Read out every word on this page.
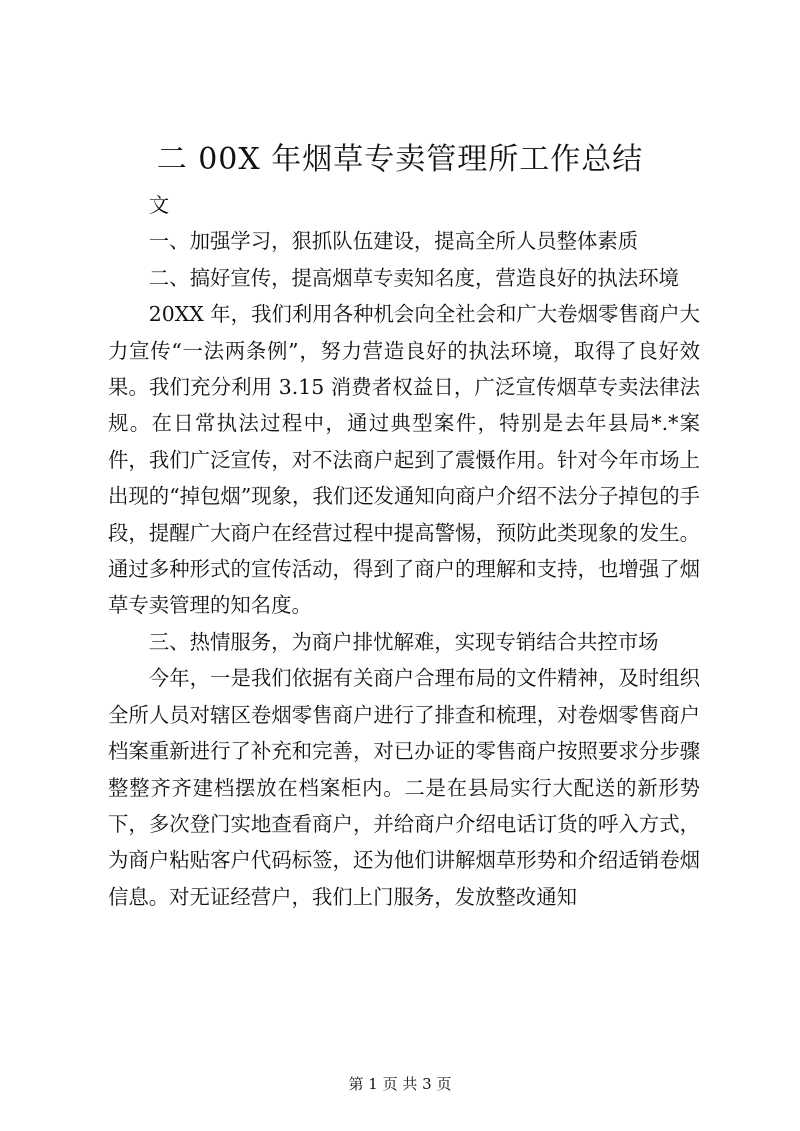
二 00X 年烟草专卖管理所工作总结

文

一、加强学习，狠抓队伍建设，提高全所人员整体素质

二、搞好宣传，提高烟草专卖知名度，营造良好的执法环境

20XX 年，我们利用各种机会向全社会和广大卷烟零售商户大力宣传“一法两条例”，努力营造良好的执法环境，取得了良好效果。我们充分利用 3.15 消费者权益日，广泛宣传烟草专卖法律法规。在日常执法过程中，通过典型案件，特别是去年县局*.*案件，我们广泛宣传，对不法商户起到了震慑作用。针对今年市场上出现的“掉包烟”现象，我们还发通知向商户介绍不法分子掉包的手段，提醒广大商户在经营过程中提高警惕，预防此类现象的发生。通过多种形式的宣传活动，得到了商户的理解和支持，也增强了烟草专卖管理的知名度。

三、热情服务，为商户排忧解难，实现专销结合共控市场

今年，一是我们依据有关商户合理布局的文件精神，及时组织全所人员对辖区卷烟零售商户进行了排查和梳理，对卷烟零售商户档案重新进行了补充和完善，对已办证的零售商户按照要求分步骤整整齐齐建档摆放在档案柜内。二是在县局实行大配送的新形势下，多次登门实地查看商户，并给商户介绍电话订货的呼入方式，为商户粘贴客户代码标签，还为他们讲解烟草形势和介绍适销卷烟信息。对无证经营户，我们上门服务，发放整改通知

第 1 页 共 3 页
